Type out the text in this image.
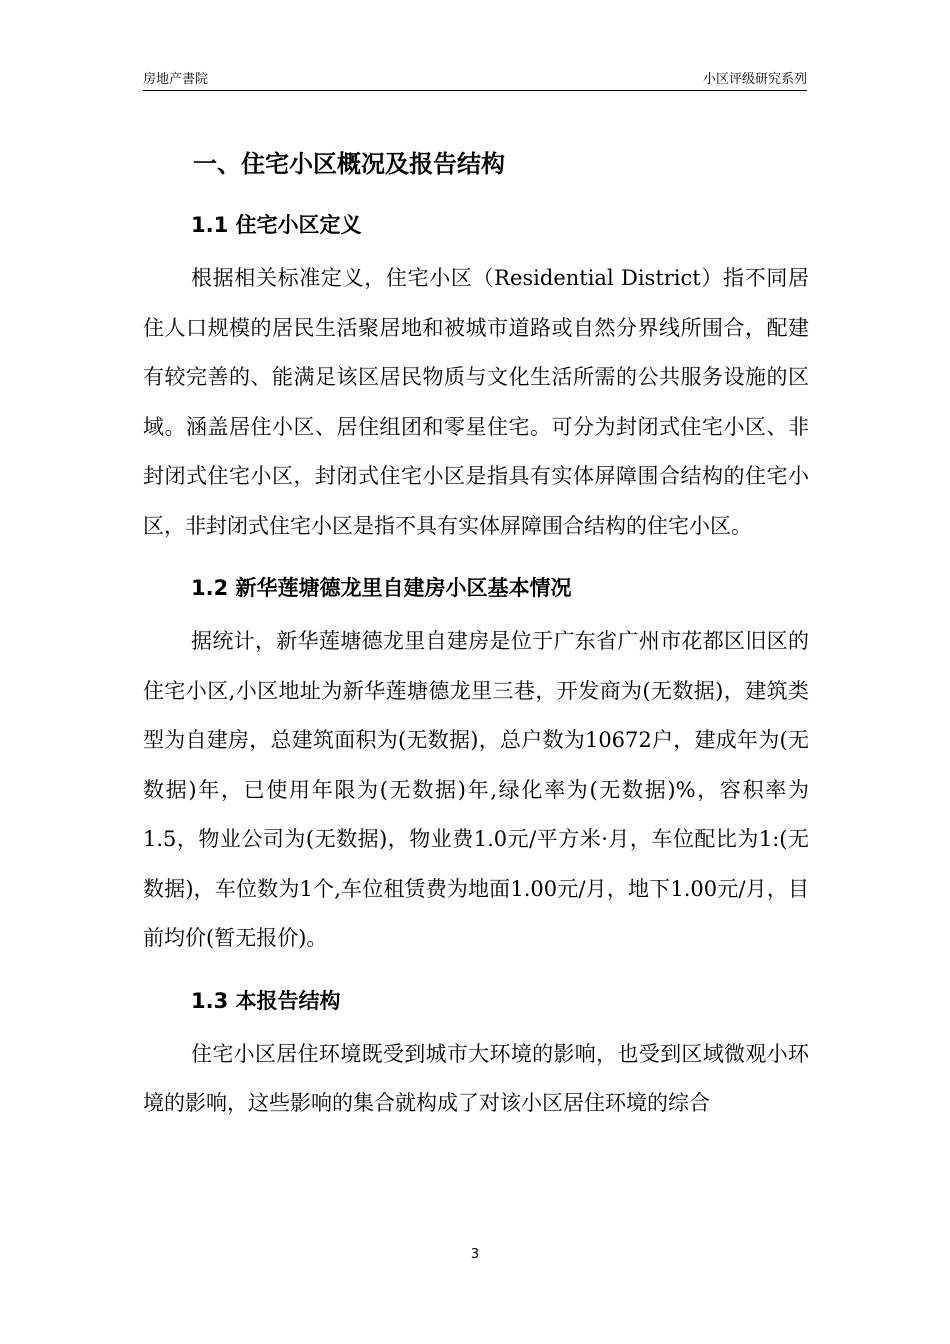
房地产書院	小区评级研究系列
一、住宅小区概况及报告结构
1.1 住宅小区定义

根据相关标准定义，住宅小区（Residential District）指不同居住人口规模的居民生活聚居地和被城市道路或自然分界线所围合，配建有较完善的、能满足该区居民物质与文化生活所需的公共服务设施的区域。涵盖居住小区、居住组团和零星住宅。可分为封闭式住宅小区、非封闭式住宅小区，封闭式住宅小区是指具有实体屏障围合结构的住宅小区，非封闭式住宅小区是指不具有实体屏障围合结构的住宅小区。

1.2 新华莲塘德龙里自建房小区基本情况

据统计，新华莲塘德龙里自建房是位于广东省广州市花都区旧区的住宅小区,小区地址为新华莲塘德龙里三巷，开发商为(无数据)，建筑类型为自建房，总建筑面积为(无数据)，总户数为10672户，建成年为(无数据)年，已使用年限为(无数据)年,绿化率为(无数据)%，容积率为1.5，物业公司为(无数据)，物业费1.0元/平方米·月，车位配比为1:(无数据)，车位数为1个,车位租赁费为地面1.00元/月，地下1.00元/月，目前均价(暂无报价)。

1.3 本报告结构

住宅小区居住环境既受到城市大环境的影响，也受到区域微观小环境的影响，这些影响的集合就构成了对该小区居住环境的综合

3
